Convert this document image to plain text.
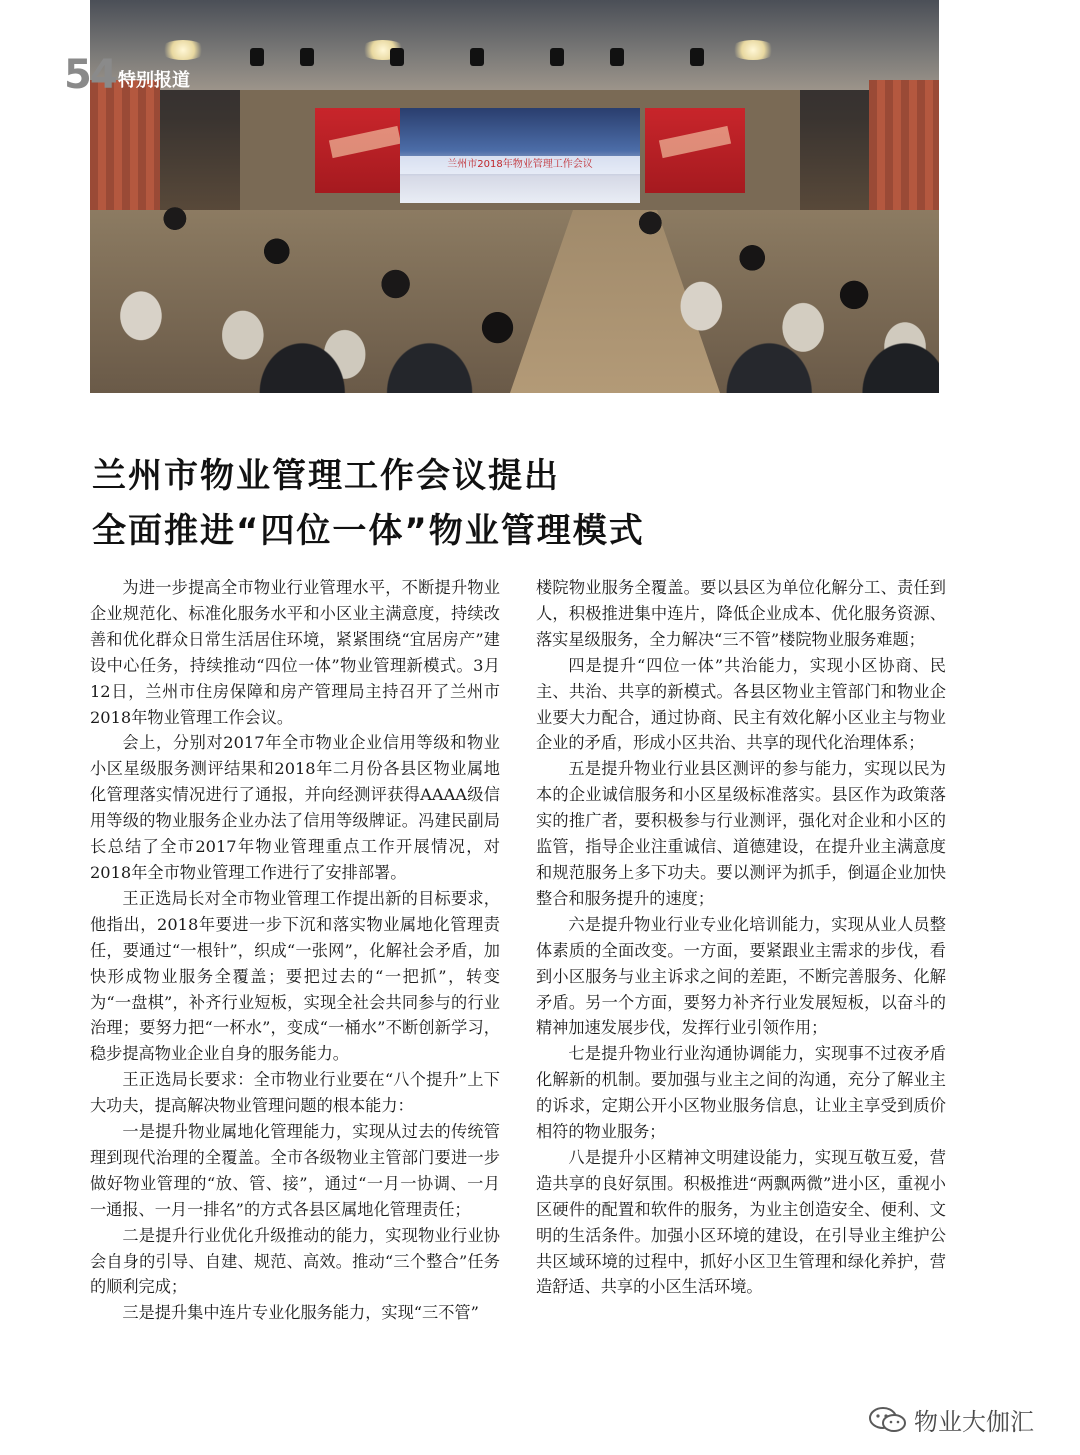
兰州市2018年物业管理工作会议
54 特别报道
兰州市物业管理工作会议提出
全面推进“四位一体”物业管理模式

为进一步提高全市物业行业管理水平，不断提升物业企业规范化、标准化服务水平和小区业主满意度，持续改善和优化群众日常生活居住环境，紧紧围绕“宜居房产”建设中心任务，持续推动“四位一体”物业管理新模式。3月12日，兰州市住房保障和房产管理局主持召开了兰州市2018年物业管理工作会议。

会上，分别对2017年全市物业企业信用等级和物业小区星级服务测评结果和2018年二月份各县区物业属地化管理落实情况进行了通报，并向经测评获得AAAA级信用等级的物业服务企业办法了信用等级牌证。冯建民副局长总结了全市2017年物业管理重点工作开展情况，对2018年全市物业管理工作进行了安排部署。

王正选局长对全市物业管理工作提出新的目标要求，他指出，2018年要进一步下沉和落实物业属地化管理责任，要通过“一根针”，织成“一张网”，化解社会矛盾，加快形成物业服务全覆盖；要把过去的“一把抓”，转变为“一盘棋”，补齐行业短板，实现全社会共同参与的行业治理；要努力把“一杯水”，变成“一桶水”不断创新学习，稳步提高物业企业自身的服务能力。

王正选局长要求：全市物业行业要在“八个提升”上下大功夫，提高解决物业管理问题的根本能力：

一是提升物业属地化管理能力，实现从过去的传统管理到现代治理的全覆盖。全市各级物业主管部门要进一步做好物业管理的“放、管、接”，通过“一月一协调、一月一通报、一月一排名”的方式各县区属地化管理责任；

二是提升行业优化升级推动的能力，实现物业行业协会自身的引导、自建、规范、高效。推动“三个整合”任务的顺利完成；

三是提升集中连片专业化服务能力，实现“三不管”

楼院物业服务全覆盖。要以县区为单位化解分工、责任到人，积极推进集中连片，降低企业成本、优化服务资源、落实星级服务，全力解决“三不管”楼院物业服务难题；

四是提升“四位一体”共治能力，实现小区协商、民主、共治、共享的新模式。各县区物业主管部门和物业企业要大力配合，通过协商、民主有效化解小区业主与物业企业的矛盾，形成小区共治、共享的现代化治理体系；

五是提升物业行业县区测评的参与能力，实现以民为本的企业诚信服务和小区星级标准落实。县区作为政策落实的推广者，要积极参与行业测评，强化对企业和小区的监管，指导企业注重诚信、道德建设，在提升业主满意度和规范服务上多下功夫。要以测评为抓手，倒逼企业加快整合和服务提升的速度；

六是提升物业行业专业化培训能力，实现从业人员整体素质的全面改变。一方面，要紧跟业主需求的步伐，看到小区服务与业主诉求之间的差距，不断完善服务、化解矛盾。另一个方面，要努力补齐行业发展短板，以奋斗的精神加速发展步伐，发挥行业引领作用；

七是提升物业行业沟通协调能力，实现事不过夜矛盾化解新的机制。要加强与业主之间的沟通，充分了解业主的诉求，定期公开小区物业服务信息，让业主享受到质价相符的物业服务；

八是提升小区精神文明建设能力，实现互敬互爱，营造共享的良好氛围。积极推进“两飘两微”进小区，重视小区硬件的配置和软件的服务，为业主创造安全、便利、文明的生活条件。加强小区环境的建设，在引导业主维护公共区域环境的过程中，抓好小区卫生管理和绿化养护，营造舒适、共享的小区生活环境。

物业大伽汇
